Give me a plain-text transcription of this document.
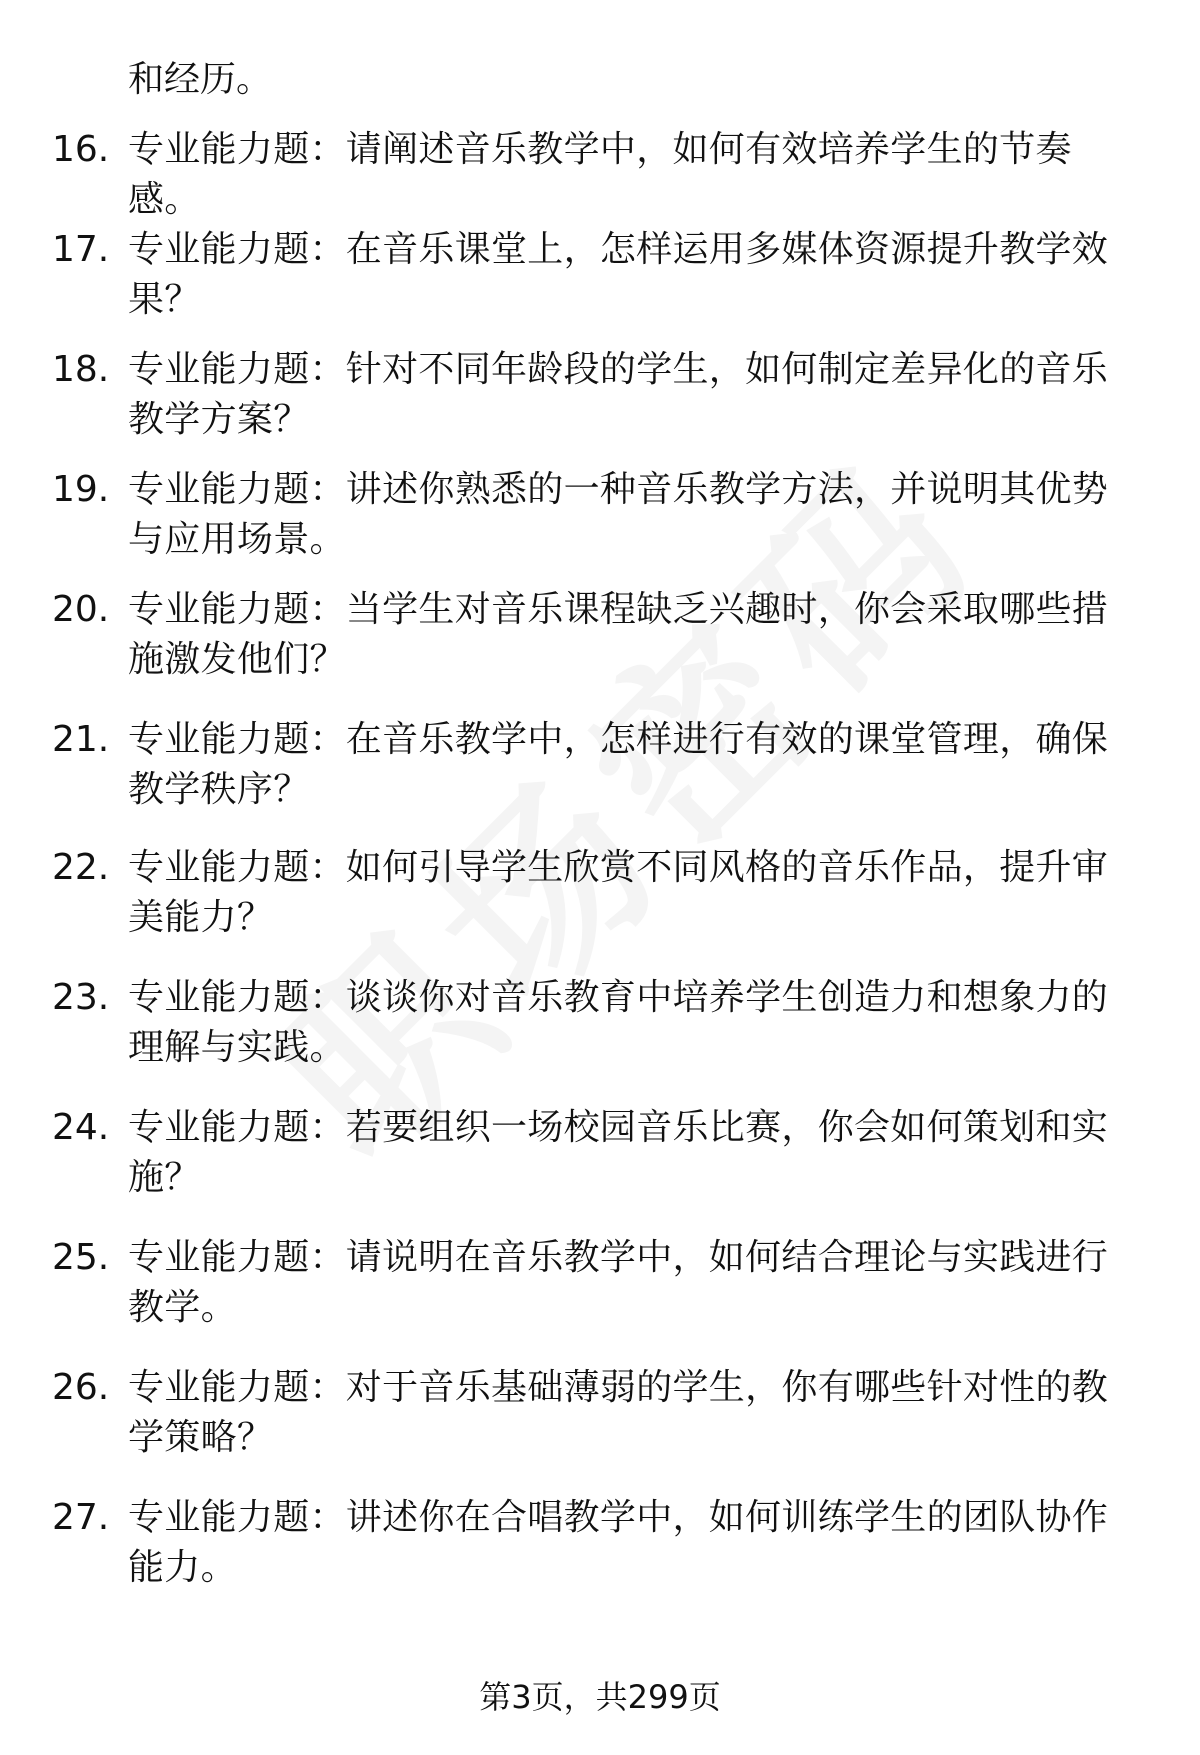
和经历。
16. 专业能力题：请阐述音乐教学中，如何有效培养学生的节奏感。
17. 专业能力题：在音乐课堂上，怎样运用多媒体资源提升教学效果？
18. 专业能力题：针对不同年龄段的学生，如何制定差异化的音乐教学方案？
19. 专业能力题：讲述你熟悉的一种音乐教学方法，并说明其优势与应用场景。
20. 专业能力题：当学生对音乐课程缺乏兴趣时，你会采取哪些措施激发他们？
21. 专业能力题：在音乐教学中，怎样进行有效的课堂管理，确保教学秩序？
22. 专业能力题：如何引导学生欣赏不同风格的音乐作品，提升审美能力？
23. 专业能力题：谈谈你对音乐教育中培养学生创造力和想象力的理解与实践。
24. 专业能力题：若要组织一场校园音乐比赛，你会如何策划和实施？
25. 专业能力题：请说明在音乐教学中，如何结合理论与实践进行教学。
26. 专业能力题：对于音乐基础薄弱的学生，你有哪些针对性的教学策略？
27. 专业能力题：讲述你在合唱教学中，如何训练学生的团队协作能力。
第3页，共299页
